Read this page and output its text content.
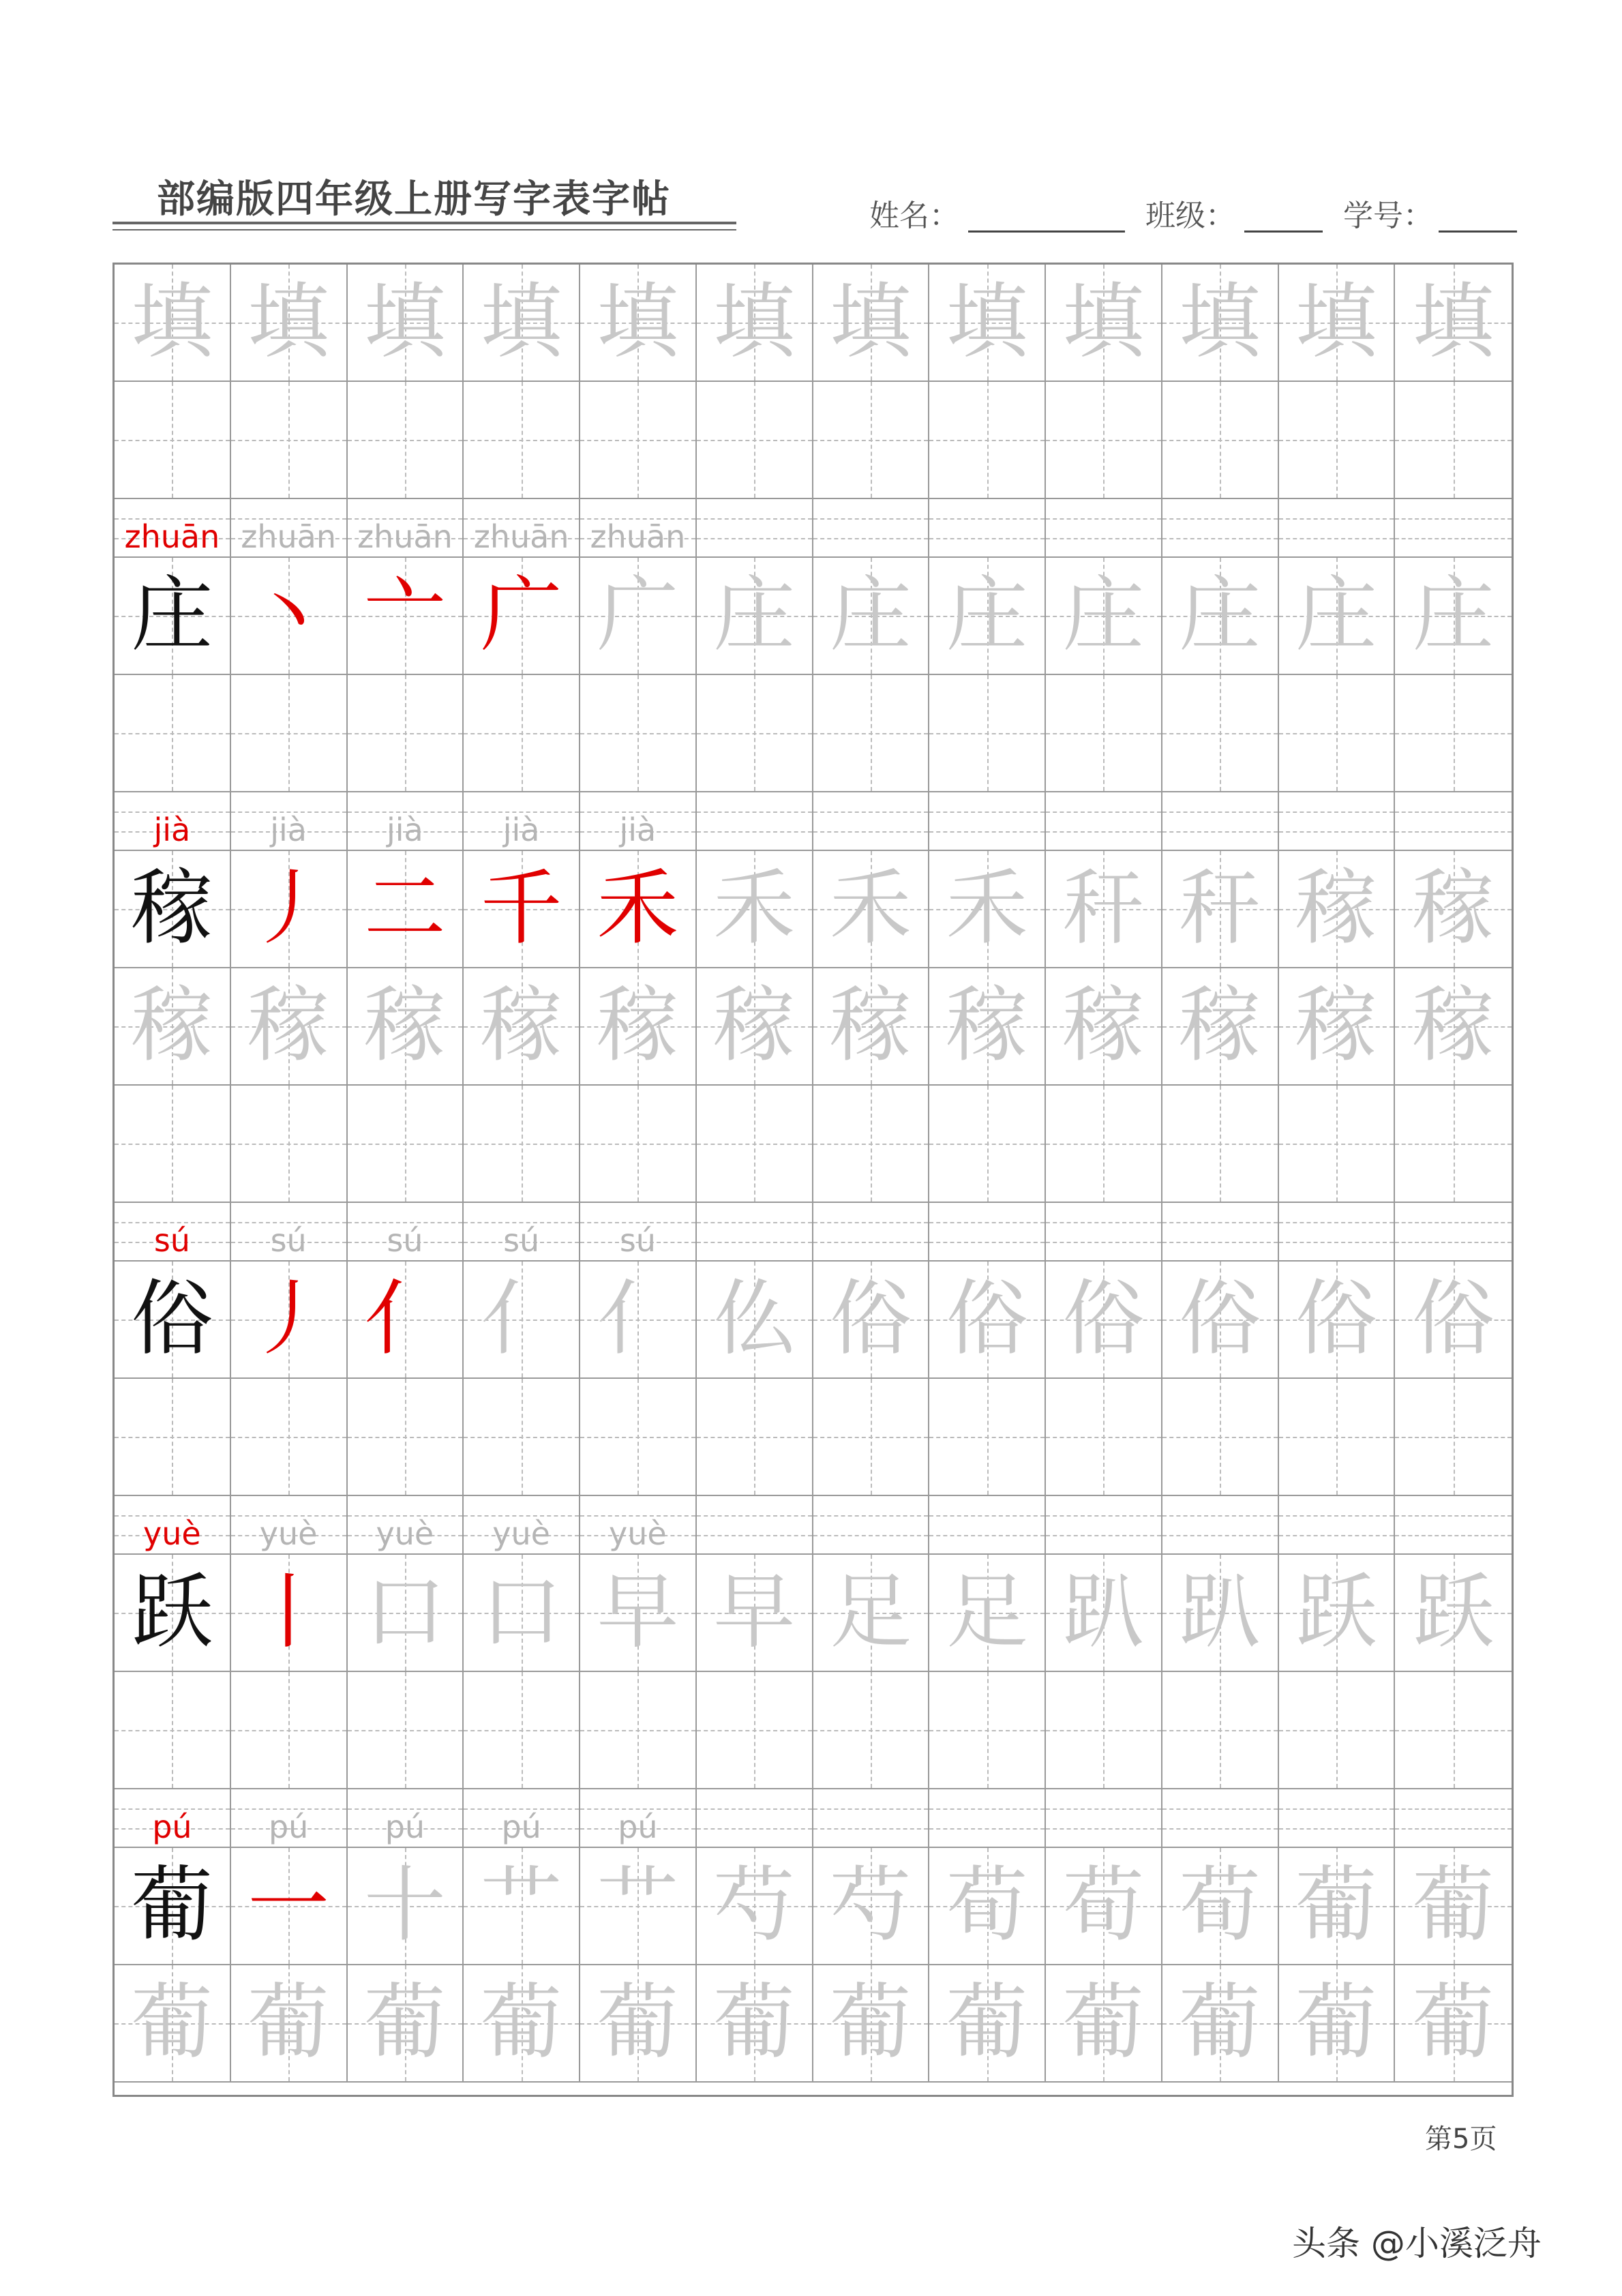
部编版四年级上册写字表字帖	姓名：	班级：	学号：
填 填 填 填 填 填 填 填 填 填 填 填
zhuān zhuān zhuān zhuān zhuān
庄 丶 亠 广 广 庄 庄 庄 庄 庄 庄 庄
jià	jià	jià	jià	jià
稼 丿 二 千 禾 禾 禾 禾 秆 秆 稼 稼
稼 稼 稼 稼 稼 稼 稼 稼 稼 稼 稼 稼
sú	sú	sú	sú	sú
俗 丿 亻 亻 亻 仫 俗 俗 俗 俗 俗 俗
yuè	yuè	yuè	yuè	yuè
跃 丨 口 口 早 早 足 足 趴 趴 跃 跃
pú	pú	pú	pú	pú
葡 一 十 艹 艹 芍 芍 荀 荀 荀 葡 葡
葡 葡 葡 葡 葡 葡 葡 葡 葡 葡 葡 葡
第5页
头条 @小溪泛舟
